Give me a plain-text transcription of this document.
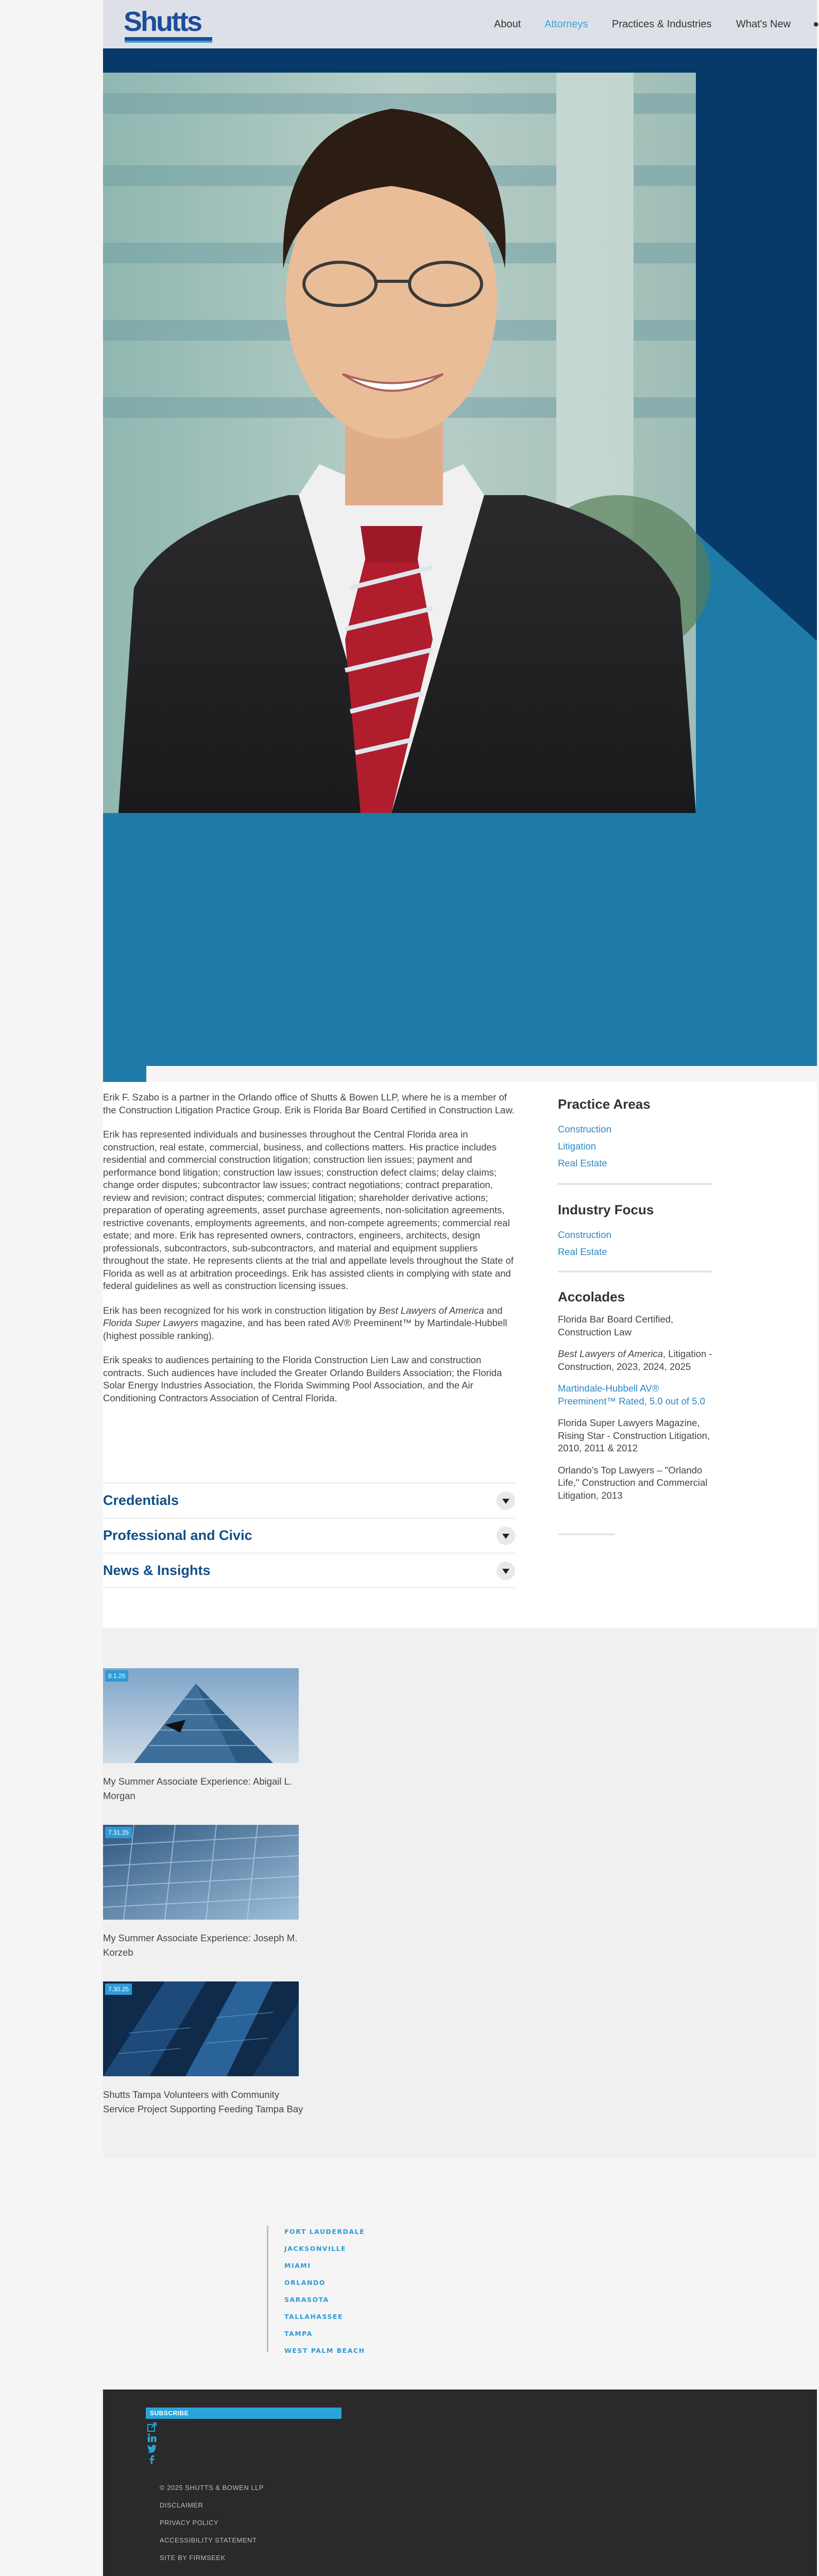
Shutts	About Attorneys Practices & Industries What's New ●

Erik F. Szabo is a partner in the Orlando office of Shutts & Bowen LLP, where he is a member of the Construction Litigation Practice Group. Erik is Florida Bar Board Certified in Construction Law.

Erik has represented individuals and businesses throughout the Central Florida area in construction, real estate, commercial, business, and collections matters. His practice includes residential and commercial construction litigation; construction lien issues; payment and performance bond litigation; construction law issues; construction defect claims; delay claims; change order disputes; subcontractor law issues; contract negotiations; contract preparation, review and revision; contract disputes; commercial litigation; shareholder derivative actions; preparation of operating agreements, asset purchase agreements, non-solicitation agreements, restrictive covenants, employments agreements, and non-compete agreements; commercial real estate; and more. Erik has represented owners, contractors, engineers, architects, design professionals, subcontractors, sub-subcontractors, and material and equipment suppliers throughout the state. He represents clients at the trial and appellate levels throughout the State of Florida as well as at arbitration proceedings. Erik has assisted clients in complying with state and federal guidelines as well as construction licensing issues.

Erik has been recognized for his work in construction litigation by Best Lawyers of America and Florida Super Lawyers magazine, and has been rated AV® Preeminent™ by Martindale-Hubbell (highest possible ranking).

Erik speaks to audiences pertaining to the Florida Construction Lien Law and construction contracts. Such audiences have included the Greater Orlando Builders Association; the Florida Solar Energy Industries Association, the Florida Swimming Pool Association, and the Air Conditioning Contractors Association of Central Florida.

Credentials
Professional and Civic
News & Insights
Practice Areas
Construction
Litigation
Real Estate
Industry Focus
Construction
Real Estate
Accolades
Florida Bar Board Certified, Construction Law
Best Lawyers of America, Litigation - Construction, 2023, 2024, 2025
Martindale-Hubbell AV® Preeminent™ Rated, 5.0 out of 5.0
Florida Super Lawyers Magazine, Rising Star - Construction Litigation, 2010, 2011 & 2012
Orlando's Top Lawyers – "Orlando Life," Construction and Commercial Litigation, 2013
8.1.25
My Summer Associate Experience: Abigail L. Morgan
7.31.25
My Summer Associate Experience: Joseph M. Korzeb
7.30.25
Shutts Tampa Volunteers with Community Service Project Supporting Feeding Tampa Bay
FORT LAUDERDALE
JACKSONVILLE
MIAMI
ORLANDO
SARASOTA
TALLAHASSEE
TAMPA
WEST PALM BEACH
SUBSCRIBE
© 2025 SHUTTS & BOWEN LLP
DISCLAIMER
PRIVACY POLICY
ACCESSIBILITY STATEMENT
SITE BY FIRMSEEK
